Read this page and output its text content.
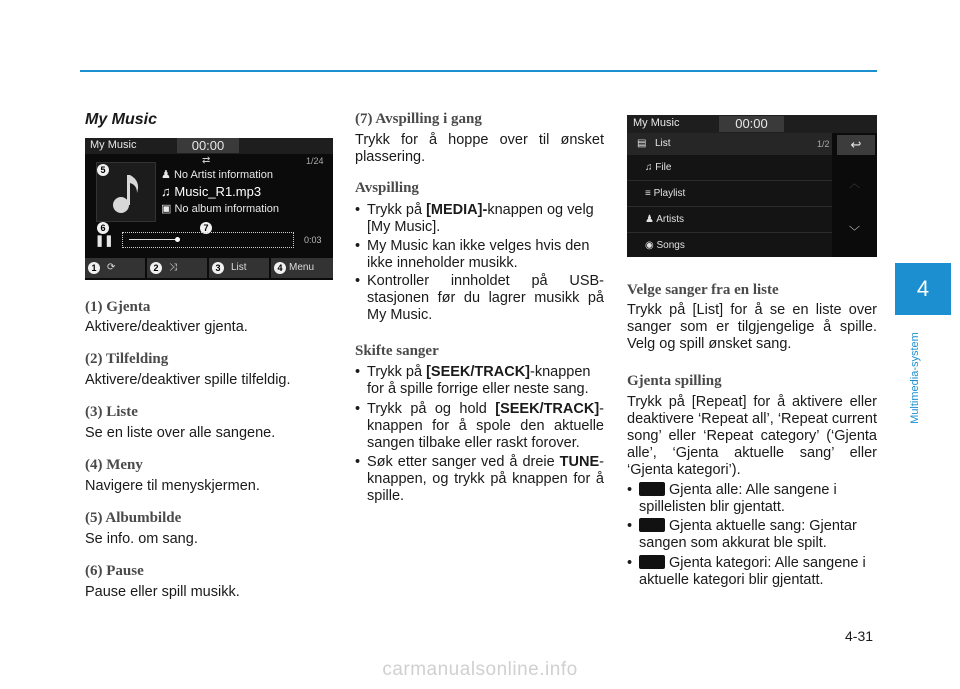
My Music
My Music	00:00
⇄	1/24
5	♟ No Artist information
♫ Music_R1.mp3
▣ No album information
6	7
❚❚	0:03
1	⟳	2	⤨	3	List	4 Menu
(1) Gjenta
Aktivere/deaktiver gjenta.
(2) Tilfelding
Aktivere/deaktiver spille tilfeldig.
(3) Liste
Se en liste over alle sangene.
(4) Meny
Navigere til menyskjermen.
(5) Albumbilde
Se info. om sang.
(6) Pause
Pause eller spill musikk.
(7) Avspilling i gang
Trykk for å hoppe over til ønsket plassering.
Avspilling
• Trykk på [MEDIA]-knappen og velg [My Music].
• My Music kan ikke velges hvis den ikke inneholder musikk.
• Kontroller innholdet på USB-stasjonen før du lagrer musikk på My Music.
Skifte sanger
• Trykk på [SEEK/TRACK]-knappen for å spille forrige eller neste sang.
• Trykk på og hold [SEEK/TRACK]-knappen for å spole den aktuelle sangen tilbake eller raskt forover.
• Søk etter sanger ved å dreie TUNE-knappen, og trykk på knappen for å spille.
My Music	00:00
▤ List	1/2	↩
♫ File
≡ Playlist
♟ Artists
◉ Songs
︿
﹀
Velge sanger fra en liste
Trykk på [List] for å se en liste over sanger som er tilgjengelige å spille. Velg og spill ønsket sang.
Gjenta spilling
Trykk på [Repeat] for å aktivere eller deaktivere ‘Repeat all’, ‘Repeat current song’ eller ‘Repeat category’ (‘Gjenta alle’, ‘Gjenta aktuelle sang’ eller ‘Gjenta kategori’).
• Gjenta alle: Alle sangene i spillelisten blir gjentatt.
• Gjenta aktuelle sang: Gjentar sangen som akkurat ble spilt.
• Gjenta kategori: Alle sangene i aktuelle kategori blir gjentatt.
4
Multimedia-system
4-31
carmanualsonline.info
